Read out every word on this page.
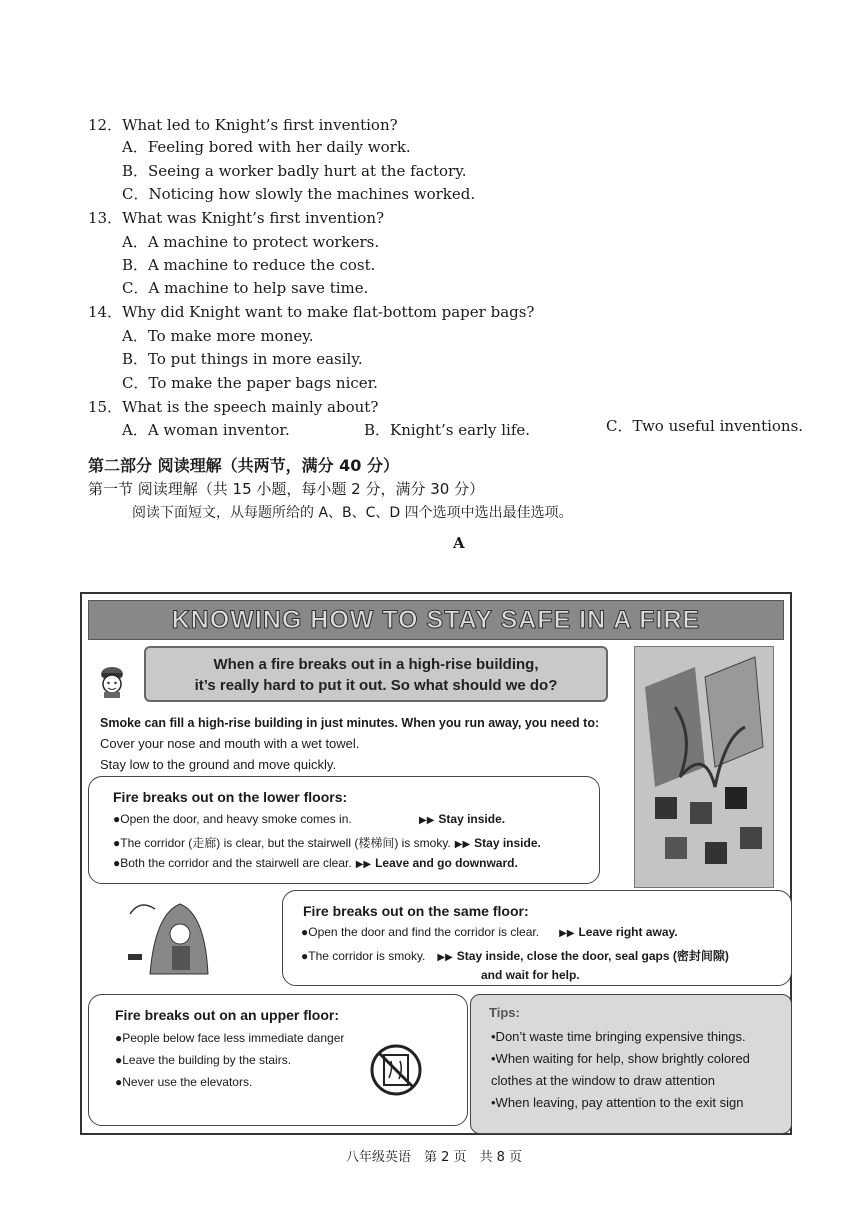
12．What led to Knight’s first invention?
A．Feeling bored with her daily work.
B．Seeing a worker badly hurt at the factory.
C．Noticing how slowly the machines worked.
13．What was Knight’s first invention?
A．A machine to protect workers.
B．A machine to reduce the cost.
C．A machine to help save time.
14．Why did Knight want to make flat-bottom paper bags?
A．To make more money.
B．To put things in more easily.
C．To make the paper bags nicer.
15．What is the speech mainly about?
A．A woman inventor.	B．Knight’s early life.	C．Two useful inventions.
第二部分 阅读理解（共两节，满分 40 分）
第一节 阅读理解（共 15 小题，每小题 2 分，满分 30 分）
阅读下面短文，从每题所给的 A、B、C、D 四个选项中选出最佳选项。
A
KNOWING HOW TO STAY SAFE IN A FIRE
When a fire breaks out in a high-rise building,
it’s really hard to put it out. So what should we do?
Smoke can fill a high-rise building in just minutes. When you run away, you need to:
Cover your nose and mouth with a wet towel.
Stay low to the ground and move quickly.
Fire breaks out on the lower floors:
●Open the door, and heavy smoke comes in.	▶▶ Stay inside.
●The corridor (走廊) is clear, but the stairwell (楼梯间) is smoky. ▶▶ Stay inside.
●Both the corridor and the stairwell are clear. ▶▶ Leave and go downward.
Fire breaks out on the same floor:
●Open the door and find the corridor is clear. ▶▶ Leave right away.
●The corridor is smoky. ▶▶ Stay inside, close the door, seal gaps (密封间隙)
and wait for help.
Fire breaks out on an upper floor:
●People below face less immediate danger
●Leave the building by the stairs.
●Never use the elevators.
Tips:
•Don’t waste time bringing expensive things.
•When waiting for help, show brightly colored
clothes at the window to draw attention
•When leaving, pay attention to the exit sign
八年级英语　第 2 页　共 8 页
